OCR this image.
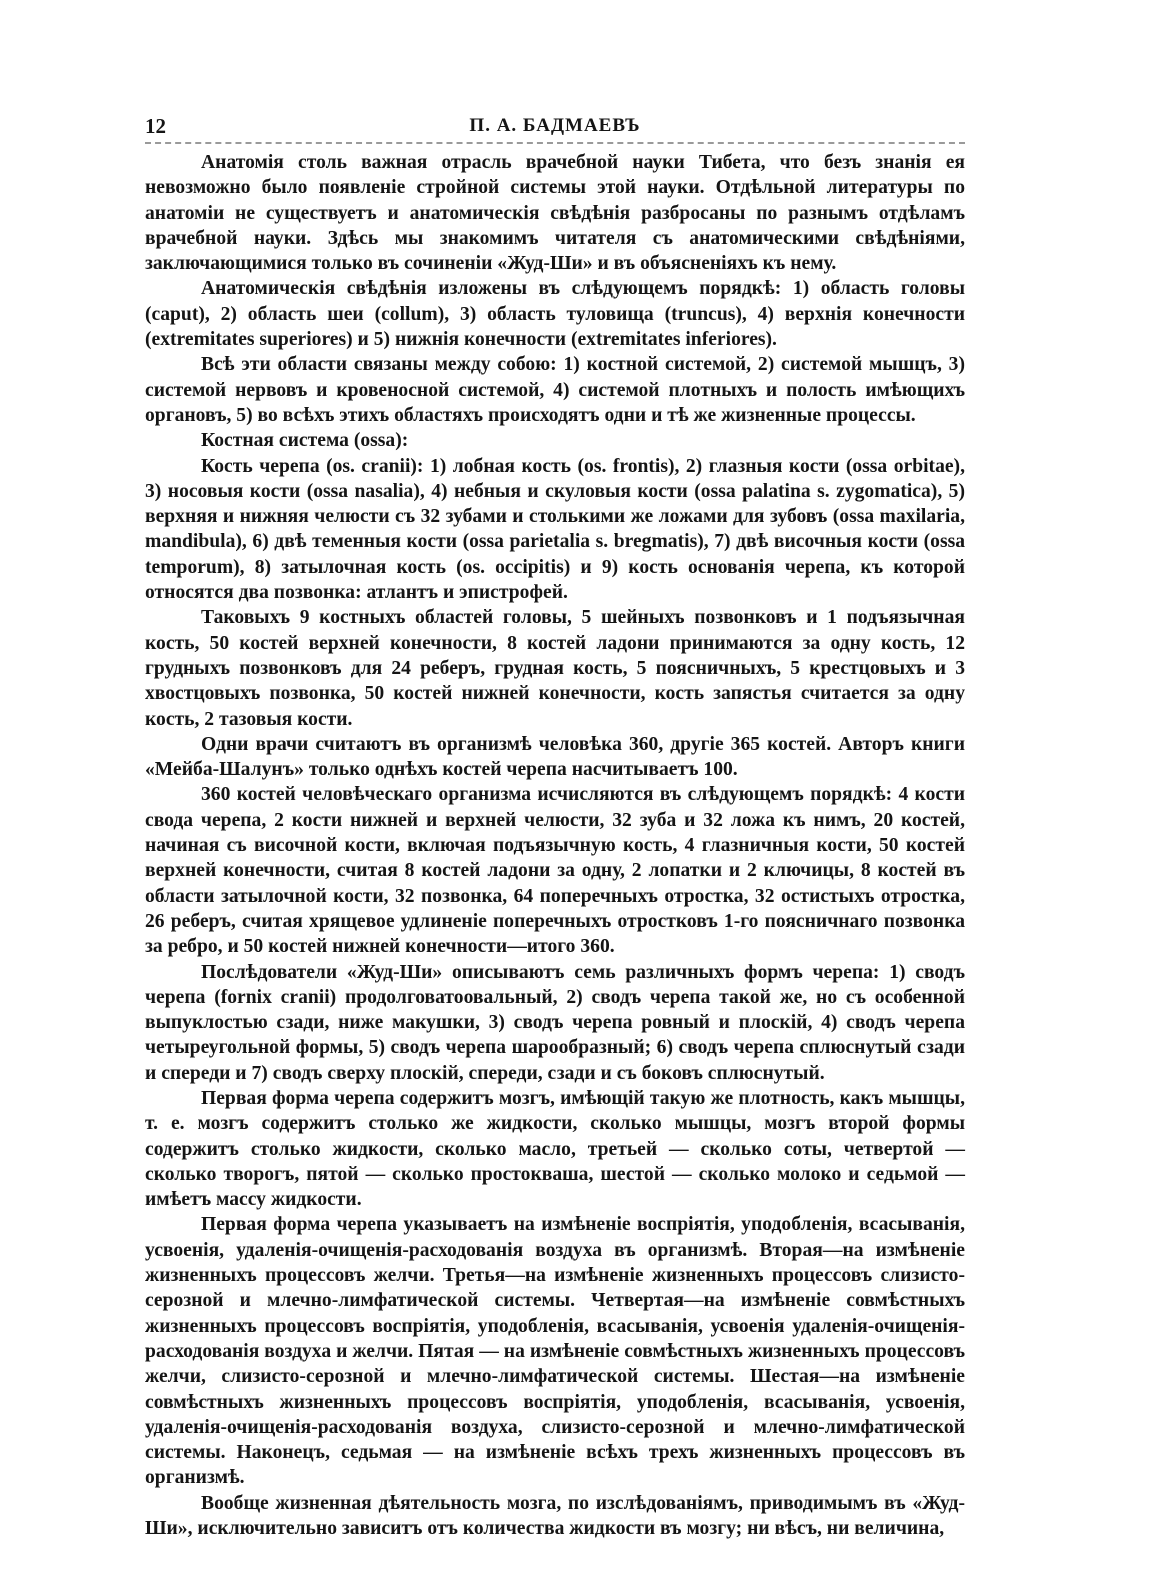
12	П. А. БАДМАЕВЪ

Анатомія столь важная отрасль врачебной науки Тибета, что безъ знанія ея невозможно было появленіе стройной системы этой науки. Отдѣльной литературы по анатоміи не существуетъ и анатомическія свѣдѣнія разбросаны по разнымъ отдѣламъ врачебной науки. Здѣсь мы знакомимъ читателя съ анатомическими свѣдѣніями, заключающимися только въ сочиненіи «Жуд-Ши» и въ объясненіяхъ къ нему.

Анатомическія свѣдѣнія изложены въ слѣдующемъ порядкѣ: 1) область головы (caput), 2) область шеи (collum), 3) область туловища (truncus), 4) верхнія конечности (extremitates superiores) и 5) нижнія конечности (extremitates inferiores).

Всѣ эти области связаны между собою: 1) костной системой, 2) системой мышцъ, 3) системой нервовъ и кровеносной системой, 4) системой плотныхъ и полость имѣющихъ органовъ, 5) во всѣхъ этихъ областяхъ происходятъ одни и тѣ же жизненные процессы.

Костная система (ossa):

Кость черепа (os. cranii): 1) лобная кость (os. frontis), 2) глазныя кости (ossa orbitae), 3) носовыя кости (ossa nasalia), 4) небныя и скуловыя кости (ossa palatina s. zygomatica), 5) верхняя и нижняя челюсти съ 32 зубами и столькими же ложами для зубовъ (ossa maxilaria, mandibula), 6) двѣ теменныя кости (ossa parietalia s. bregmatis), 7) двѣ височныя кости (ossa temporum), 8) затылочная кость (os. occipitis) и 9) кость основанія черепа, къ которой относятся два позвонка: атлантъ и эпистрофей.

Таковыхъ 9 костныхъ областей головы, 5 шейныхъ позвонковъ и 1 подъязычная кость, 50 костей верхней конечности, 8 костей ладони принимаются за одну кость, 12 грудныхъ позвонковъ для 24 реберъ, грудная кость, 5 поясничныхъ, 5 крестцовыхъ и 3 хвостцовыхъ позвонка, 50 костей нижней конечности, кость запястья считается за одну кость, 2 тазовыя кости.

Одни врачи считаютъ въ организмѣ человѣка 360, другіе 365 костей. Авторъ книги «Мейба-Шалунъ» только однѣхъ костей черепа насчитываетъ 100.

360 костей человѣческаго организма исчисляются въ слѣдующемъ порядкѣ: 4 кости свода черепа, 2 кости нижней и верхней челюсти, 32 зуба и 32 ложа къ нимъ, 20 костей, начиная съ височной кости, включая подъязычную кость, 4 глазничныя кости, 50 костей верхней конечности, считая 8 костей ладони за одну, 2 лопатки и 2 ключицы, 8 костей въ области затылочной кости, 32 позвонка, 64 поперечныхъ отростка, 32 остистыхъ отростка, 26 реберъ, считая хрящевое удлиненіе поперечныхъ отростковъ 1-го поясничнаго позвонка за ребро, и 50 костей нижней конечности—итого 360.

Послѣдователи «Жуд-Ши» описываютъ семь различныхъ формъ черепа: 1) сводъ черепа (fornix cranii) продолговатоовальный, 2) сводъ черепа такой же, но съ особенной выпуклостью сзади, ниже макушки, 3) сводъ черепа ровный и плоскій, 4) сводъ черепа четыреугольной формы, 5) сводъ черепа шарообразный; 6) сводъ черепа сплюснутый сзади и спереди и 7) сводъ сверху плоскій, спереди, сзади и съ боковъ сплюснутый.

Первая форма черепа содержитъ мозгъ, имѣющій такую же плотность, какъ мышцы, т. е. мозгъ содержитъ столько же жидкости, сколько мышцы, мозгъ второй формы содержитъ столько жидкости, сколько масло, третьей — сколько соты, четвертой — сколько творогъ, пятой — сколько простокваша, шестой — сколько молоко и седьмой — имѣетъ массу жидкости.

Первая форма черепа указываетъ на измѣненіе воспріятія, уподобленія, всасыванія, усвоенія, удаленія-очищенія-расходованія воздуха въ организмѣ. Вторая—на измѣненіе жизненныхъ процессовъ желчи. Третья—на измѣненіе жизненныхъ процессовъ слизисто-серозной и млечно-лимфатической системы. Четвертая—на измѣненіе совмѣстныхъ жизненныхъ процессовъ воспріятія, уподобленія, всасыванія, усвоенія удаленія-очищенія-расходованія воздуха и желчи. Пятая — на измѣненіе совмѣстныхъ жизненныхъ процессовъ желчи, слизисто-серозной и млечно-лимфатической системы. Шестая—на измѣненіе совмѣстныхъ жизненныхъ процессовъ воспріятія, уподобленія, всасыванія, усвоенія, удаленія-очищенія-расходованія воздуха, слизисто-серозной и млечно-лимфатической системы. Наконецъ, седьмая — на измѣненіе всѣхъ трехъ жизненныхъ процессовъ въ организмѣ.

Вообще жизненная дѣятельность мозга, по изслѣдованіямъ, приводимымъ въ «Жуд-Ши», исключительно зависитъ отъ количества жидкости въ мозгу; ни вѣсъ, ни величина,
